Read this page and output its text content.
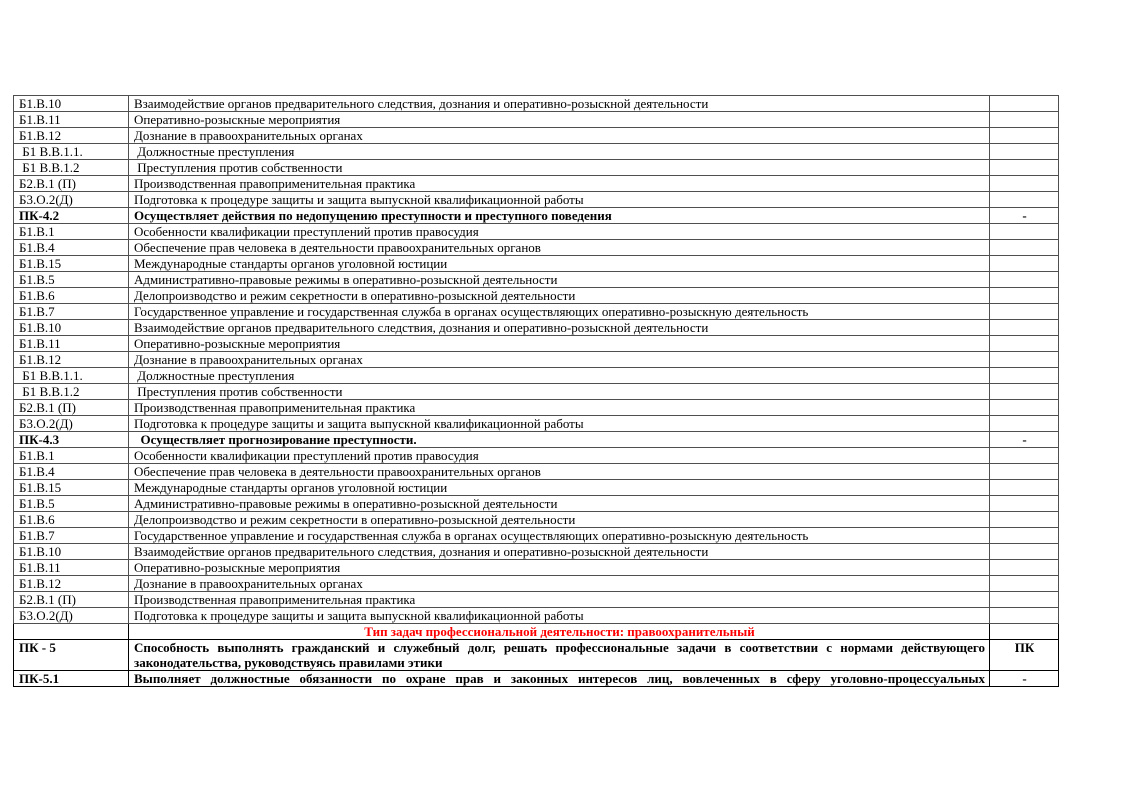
Б1.В.10	Взаимодействие органов предварительного следствия, дознания и оперативно-розыскной деятельности	
Б1.В.11	Оперативно-розыскные мероприятия	
Б1.В.12	Дознание в правоохранительных органах	
Б1 В.В.1.1.	Должностные преступления	
Б1 В.В.1.2	Преступления против собственности	
Б2.В.1 (П)	Производственная правоприменительная практика	
Б3.О.2(Д)	Подготовка к процедуре защиты и защита выпускной квалификационной работы	
ПК-4.2	Осуществляет действия по недопущению преступности и преступного поведения	-
Б1.В.1	Особенности квалификации преступлений против правосудия	
Б1.В.4	Обеспечение прав человека в деятельности правоохранительных органов	
Б1.В.15	Международные стандарты органов уголовной юстиции	
Б1.В.5	Административно-правовые режимы в оперативно-розыскной деятельности	
Б1.В.6	Делопроизводство и режим секретности в оперативно-розыскной деятельности	
Б1.В.7	Государственное управление и государственная служба в органах осуществляющих оперативно-розыскную деятельность	
Б1.В.10	Взаимодействие органов предварительного следствия, дознания и оперативно-розыскной деятельности	
Б1.В.11	Оперативно-розыскные мероприятия	
Б1.В.12	Дознание в правоохранительных органах	
Б1 В.В.1.1.	Должностные преступления	
Б1 В.В.1.2	Преступления против собственности	
Б2.В.1 (П)	Производственная правоприменительная практика	
Б3.О.2(Д)	Подготовка к процедуре защиты и защита выпускной квалификационной работы	
ПК-4.3	Осуществляет прогнозирование преступности.	-
Б1.В.1	Особенности квалификации преступлений против правосудия	
Б1.В.4	Обеспечение прав человека в деятельности правоохранительных органов	
Б1.В.15	Международные стандарты органов уголовной юстиции	
Б1.В.5	Административно-правовые режимы в оперативно-розыскной деятельности	
Б1.В.6	Делопроизводство и режим секретности в оперативно-розыскной деятельности	
Б1.В.7	Государственное управление и государственная служба в органах осуществляющих оперативно-розыскную деятельность	
Б1.В.10	Взаимодействие органов предварительного следствия, дознания и оперативно-розыскной деятельности	
Б1.В.11	Оперативно-розыскные мероприятия	
Б1.В.12	Дознание в правоохранительных органах	
Б2.В.1 (П)	Производственная правоприменительная практика	
Б3.О.2(Д)	Подготовка к процедуре защиты и защита выпускной квалификационной работы	
	Тип задач профессиональной деятельности: правоохранительный	
ПК - 5	Способность выполнять гражданский и служебный долг, решать профессиональные задачи в соответствии с нормами действующего законодательства, руководствуясь правилами этики	ПК
ПК-5.1	Выполняет должностные обязанности по охране прав и законных интересов лиц, вовлеченных в сферу уголовно-процессуальных	-
